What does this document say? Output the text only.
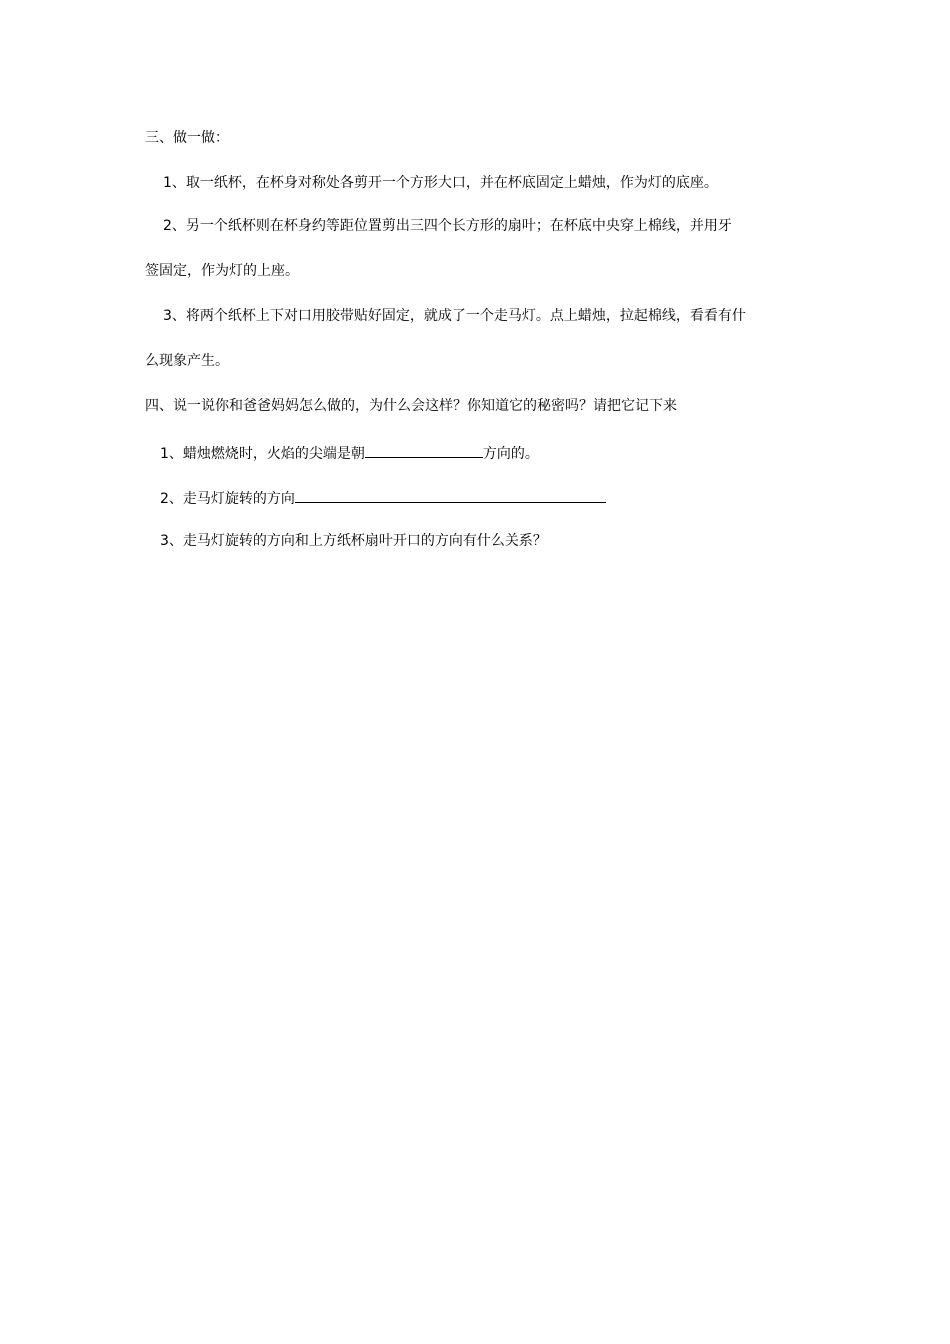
三、做一做：
1、取一纸杯，在杯身对称处各剪开一个方形大口，并在杯底固定上蜡烛，作为灯的底座。
2、另一个纸杯则在杯身约等距位置剪出三四个长方形的扇叶；在杯底中央穿上棉线，并用牙
签固定，作为灯的上座。
3、将两个纸杯上下对口用胶带贴好固定，就成了一个走马灯。点上蜡烛，拉起棉线，看看有什
么现象产生。
四、说一说你和爸爸妈妈怎么做的，为什么会这样？你知道它的秘密吗？请把它记下来
1、蜡烛燃烧时，火焰的尖端是朝	方向的。
2、走马灯旋转的方向
3、走马灯旋转的方向和上方纸杯扇叶开口的方向有什么关系？
